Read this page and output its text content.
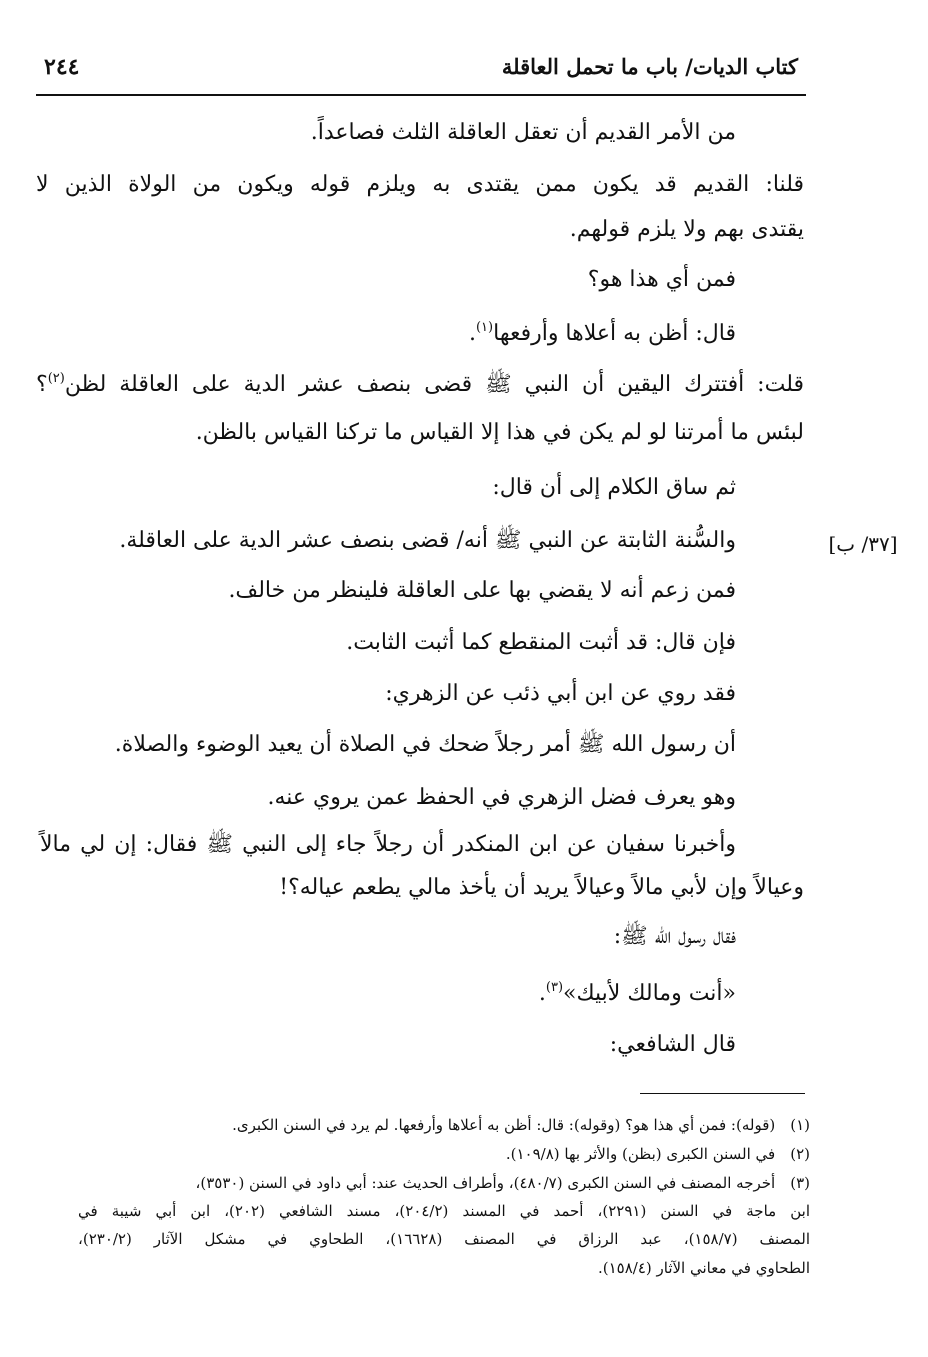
كتاب الديات/ باب ما تحمل العاقلة
٢٤٤
[٣٧/ ب]
من الأمر القديم أن تعقل العاقلة الثلث فصاعداً.
قلنا: القديم قد يكون ممن يقتدى به ويلزم قوله ويكون من الولاة الذين لا
يقتدى بهم ولا يلزم قولهم.
فمن أي هذا هو؟
قال: أظن به أعلاها وأرفعها$^{(١)}$.
قلت: أفتترك اليقين أن النبي ﷺ قضى بنصف عشر الدية على العاقلة لظن$^{(٢)}$؟
لبئس ما أمرتنا لو لم يكن في هذا إلا القياس ما تركنا القياس بالظن.
ثم ساق الكلام إلى أن قال:
والسُّنة الثابتة عن النبي ﷺ أنه/ قضى بنصف عشر الدية على العاقلة.
فمن زعم أنه لا يقضي بها على العاقلة فلينظر من خالف.
فإن قال: قد أثبت المنقطع كما أثبت الثابت.
فقد روي عن ابن أبي ذئب عن الزهري:
أن رسول الله ﷺ أمر رجلاً ضحك في الصلاة أن يعيد الوضوء والصلاة.
وهو يعرف فضل الزهري في الحفظ عمن يروي عنه.
وأخبرنا سفيان عن ابن المنكدر أن رجلاً جاء إلى النبي ﷺ فقال: إن لي مالاً
وعيالاً وإن لأبي مالاً وعيالاً يريد أن يأخذ مالي يطعم عياله؟!
فقال رسول الله ﷺ:
«أنت ومالك لأبيك»$^{(٣)}$.
قال الشافعي:
(١) (قوله): فمن أي هذا هو؟ (وقوله): قال: أظن به أعلاها وأرفعها. لم يرد في السنن الكبرى.
(٢) في السنن الكبرى (بظن) والأثر بها (١٠٩/٨).
(٣) أخرجه المصنف في السنن الكبرى (٤٨٠/٧)، وأطراف الحديث عند: أبي داود في السنن (٣٥٣٠)،
ابن ماجة في السنن (٢٢٩١)، أحمد في المسند (٢٠٤/٢)، مسند الشافعي (٢٠٢)، ابن أبي شيبة في
المصنف (١٥٨/٧)، عبد الرزاق في المصنف (١٦٦٢٨)، الطحاوي في مشكل الآثار (٢٣٠/٢)،
الطحاوي في معاني الآثار (١٥٨/٤).
